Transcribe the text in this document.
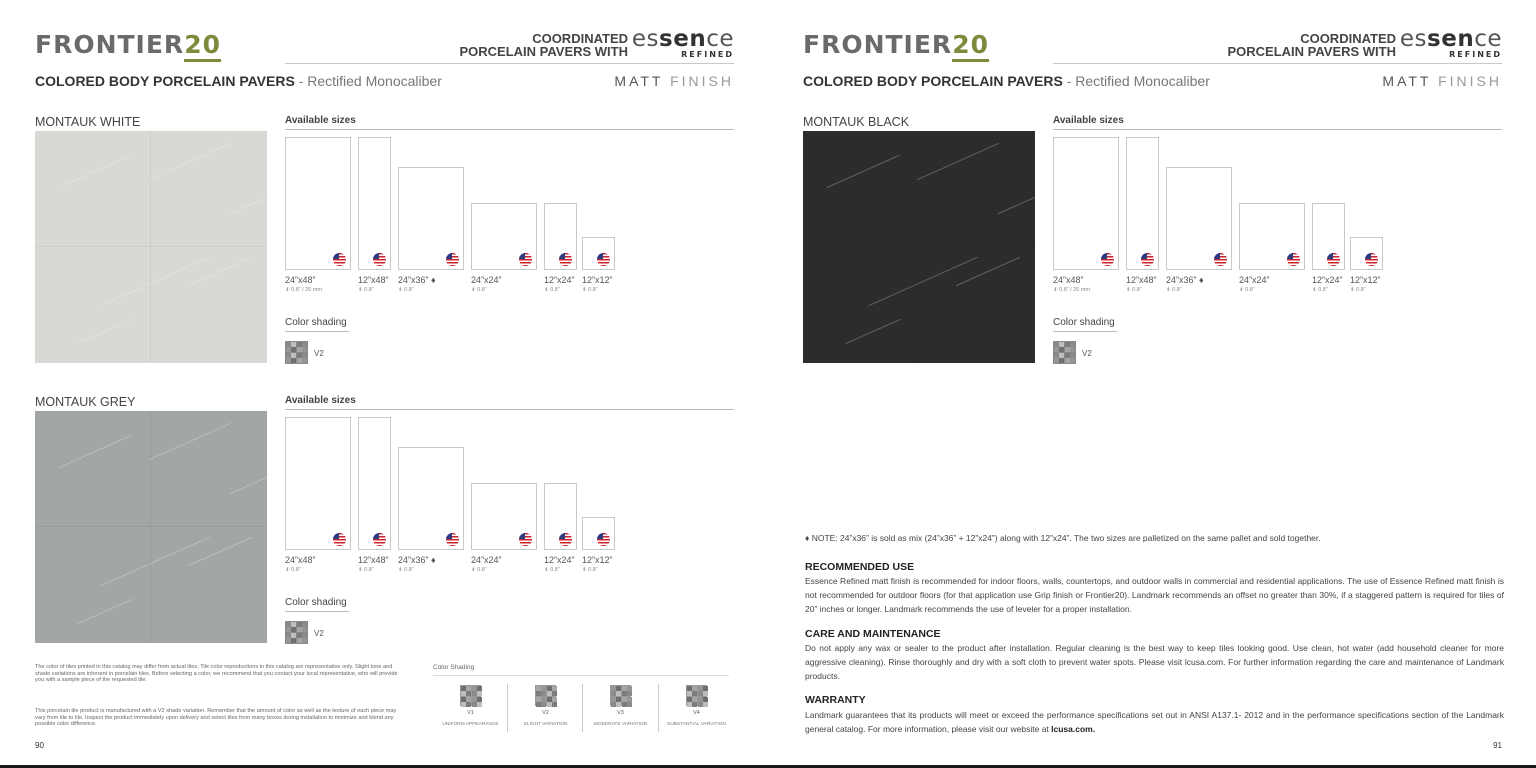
FRONTIER20	COORDINATED
PORCELAIN PAVERS WITH essence
REFINED
COLORED BODY PORCELAIN PAVERS - Rectified Monocaliber	MATT FINISH
MONTAUK WHITE	Available sizes
24”x48”
⇟ 0.8” / 20 mm
12”x48”
⇟ 0.8”
24”x36” ♦
⇟ 0.8”
24”x24”
⇟ 0.8”
12”x24”
⇟ 0.8”
12”x12”
⇟ 0.8”
Color shading
V2
MONTAUK GREY	Available sizes
24”x48”
⇟ 0.8”
12”x48”
⇟ 0.8”
24”x36” ♦
⇟ 0.8”
24”x24”
⇟ 0.8”
12”x24”
⇟ 0.8”
12”x12”
⇟ 0.8”
Color shading
V2
The color of tiles printed in this catalog may differ from actual tiles. Tile color reproductions in this catalog are representative only. Slight tone and shade variations are inherent in porcelain tiles. Before selecting a color, we recommend that you contact your local representative, who will provide you with a sample piece of the requested tile.
This porcelain tile product is manufactured with a V2 shade variation. Remember that the amount of color as well as the texture of each piece may vary from tile to tile. Inspect the product immediately upon delivery and select tiles from many boxes during installation to minimize and blend any possible color difference.
Color Shading
V1
UNIFORM APPEARANCE
V2
SLIGHT VARIATION
V3
MODERATE VARIATION
V4
SUBSTANTIAL VARIATION
90
FRONTIER20	COORDINATED
PORCELAIN PAVERS WITH essence
REFINED
COLORED BODY PORCELAIN PAVERS - Rectified Monocaliber	MATT FINISH
MONTAUK BLACK	Available sizes
24”x48”
⇟ 0.8” / 20 mm
12”x48”
⇟ 0.8”
24”x36” ♦
⇟ 0.8”
24”x24”
⇟ 0.8”
12”x24”
⇟ 0.8”
12”x12”
⇟ 0.8”
Color shading
V2
91
♦ NOTE: 24”x36” is sold as mix (24”x36” + 12”x24”) along with 12”x24”. The two sizes are palletized on the same pallet and sold together.
RECOMMENDED USE
Essence Refined matt finish is recommended for indoor floors, walls, countertops, and outdoor walls in commercial and residential applications. The use of Essence Refined matt finish is not recommended for outdoor floors (for that application use Grip finish or Frontier20). Landmark recommends an offset no greater than 30%, if a staggered pattern is required for tiles of 20” inches or longer. Landmark recommends the use of leveler for a proper installation.
CARE AND MAINTENANCE
Do not apply any wax or sealer to the product after installation. Regular cleaning is the best way to keep tiles looking good. Use clean, hot water (add household cleaner for more aggressive cleaning). Rinse thoroughly and dry with a soft cloth to prevent water spots. Please visit lcusa.com. For further information regarding the care and maintenance of Landmark products.
WARRANTY
Landmark guarantees that its products will meet or exceed the performance specifications set out in ANSI A137.1- 2012 and in the performance specifications section of the Landmark general catalog. For more information, please visit our website at lcusa.com.
